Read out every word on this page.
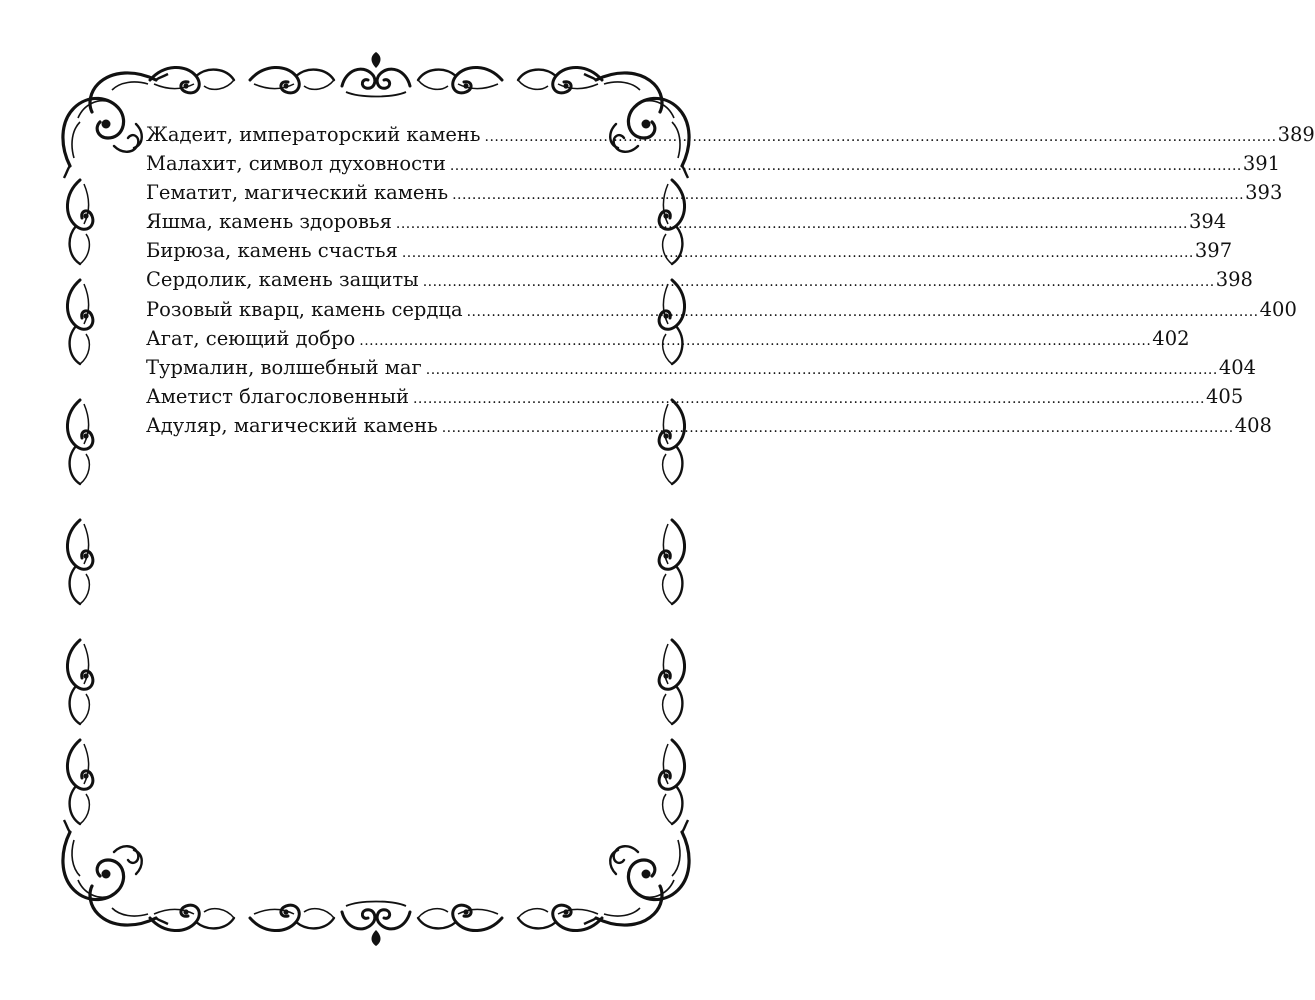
Жадеит, императорский камень ................................................................................................................................................................ 389
Малахит, символ духовности ................................................................................................................................................................ 391
Гематит, магический камень ................................................................................................................................................................ 393
Яшма, камень здоровья ................................................................................................................................................................ 394
Бирюза, камень счастья ................................................................................................................................................................ 397
Сердолик, камень защиты ................................................................................................................................................................ 398
Розовый кварц, камень сердца ................................................................................................................................................................ 400
Агат, сеющий добро ................................................................................................................................................................ 402
Турмалин, волшебный маг ................................................................................................................................................................ 404
Аметист благословенный ................................................................................................................................................................ 405
Адуляр, магический камень ................................................................................................................................................................ 408
